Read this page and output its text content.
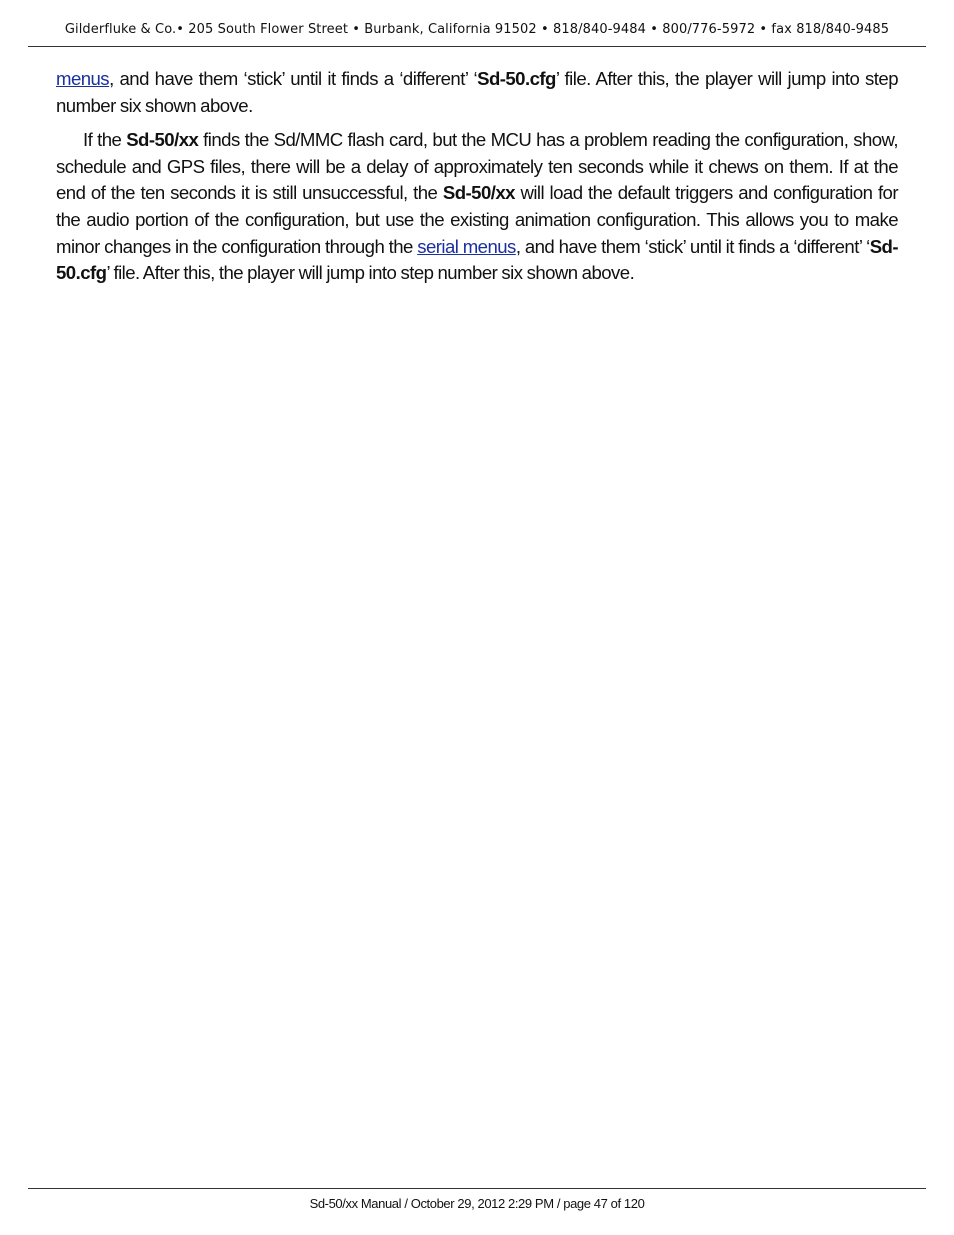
Gilderfluke & Co.• 205 South Flower Street • Burbank, California 91502 • 818/840-9484 • 800/776-5972 • fax 818/840-9485

menus, and have them ‘stick’ until it finds a ‘different’ ‘Sd-50.cfg’ file. After this, the player will jump into step number six shown above.

If the Sd-50/xx finds the Sd/MMC flash card, but the MCU has a problem reading the configuration, show, schedule and GPS files, there will be a delay of approximately ten seconds while it chews on them. If at the end of the ten seconds it is still unsuccessful, the Sd-50/xx will load the default triggers and configuration for the audio portion of the configuration, but use the existing animation configuration. This allows you to make minor changes in the configuration through the serial menus, and have them ‘stick’ until it finds a ‘different’ ‘Sd-50.cfg’ file. After this, the player will jump into step number six shown above.

Sd-50/xx Manual / October 29, 2012 2:29 PM / page 47 of 120
